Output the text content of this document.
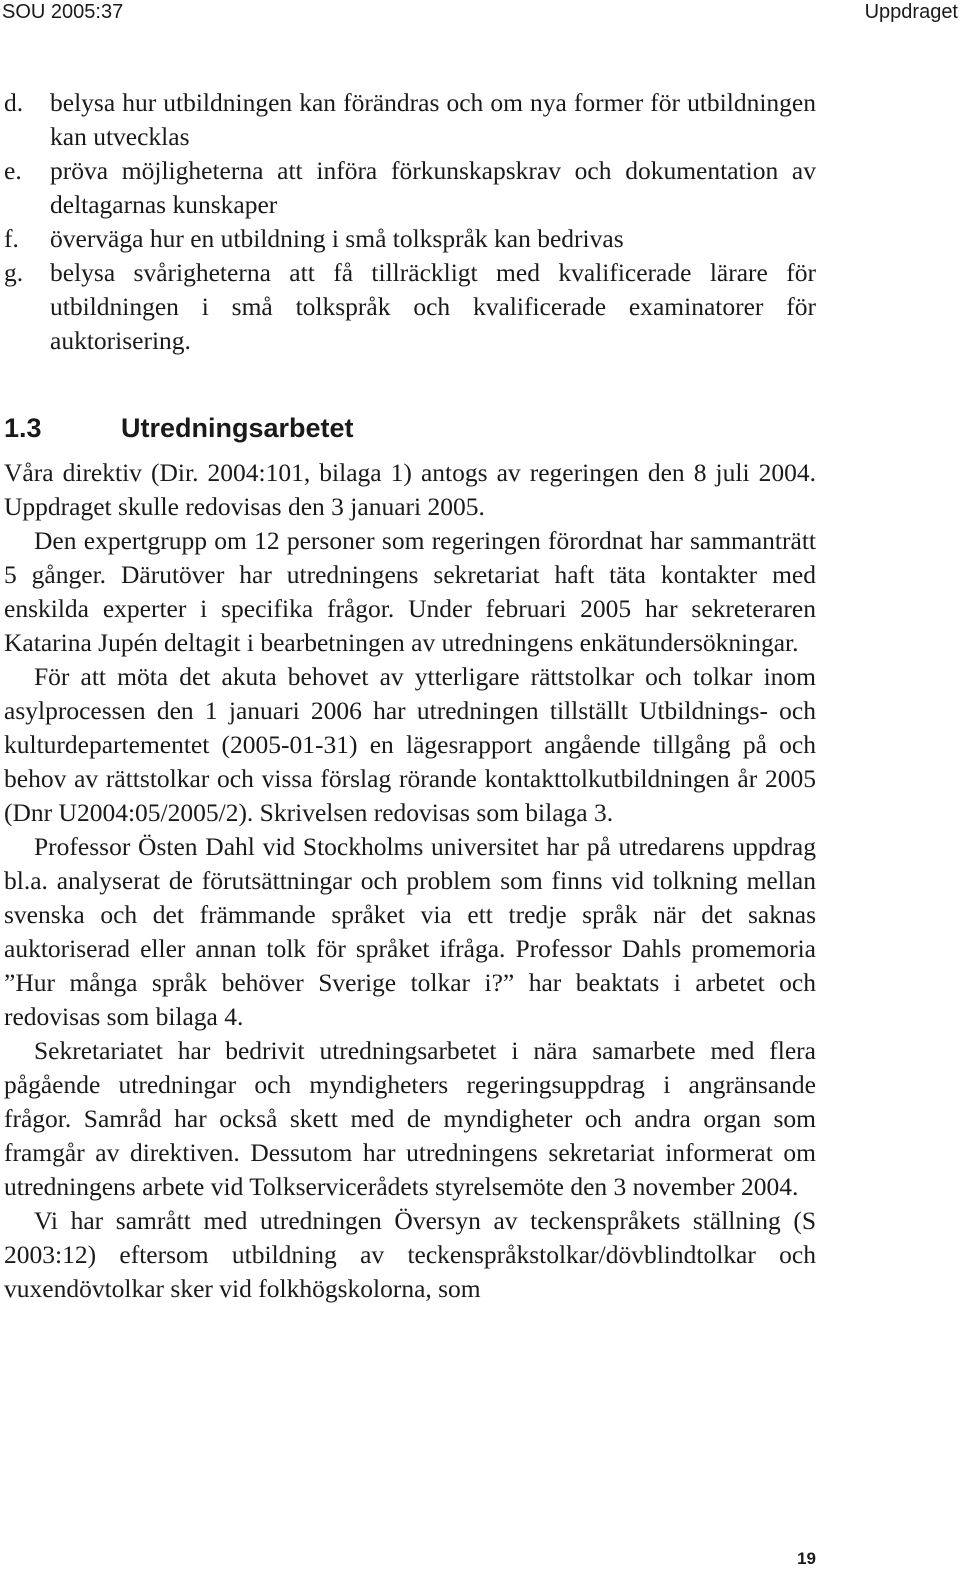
SOU 2005:37	Uppdraget
d. belysa hur utbildningen kan förändras och om nya former för utbildningen kan utvecklas
e. pröva möjligheterna att införa förkunskapskrav och dokumentation av deltagarnas kunskaper
f. överväga hur en utbildning i små tolkspråk kan bedrivas
g. belysa svårigheterna att få tillräckligt med kvalificerade lärare för utbildningen i små tolkspråk och kvalificerade examinatorer för auktorisering.
1.3	Utredningsarbetet

Våra direktiv (Dir. 2004:101, bilaga 1) antogs av regeringen den 8 juli 2004. Uppdraget skulle redovisas den 3 januari 2005.

Den expertgrupp om 12 personer som regeringen förordnat har sammanträtt 5 gånger. Därutöver har utredningens sekretariat haft täta kontakter med enskilda experter i specifika frågor. Under februari 2005 har sekreteraren Katarina Jupén deltagit i bearbetningen av utredningens enkätundersökningar.

För att möta det akuta behovet av ytterligare rättstolkar och tolkar inom asylprocessen den 1 januari 2006 har utredningen tillställt Utbildnings- och kulturdepartementet (2005-01-31) en lägesrapport angående tillgång på och behov av rättstolkar och vissa förslag rörande kontakttolkutbildningen år 2005 (Dnr U2004:05/2005/2). Skrivelsen redovisas som bilaga 3.

Professor Östen Dahl vid Stockholms universitet har på utredarens uppdrag bl.a. analyserat de förutsättningar och problem som finns vid tolkning mellan svenska och det främmande språket via ett tredje språk när det saknas auktoriserad eller annan tolk för språket ifråga. Professor Dahls promemoria ”Hur många språk behöver Sverige tolkar i?” har beaktats i arbetet och redovisas som bilaga 4.

Sekretariatet har bedrivit utredningsarbetet i nära samarbete med flera pågående utredningar och myndigheters regeringsuppdrag i angränsande frågor. Samråd har också skett med de myndigheter och andra organ som framgår av direktiven. Dessutom har utredningens sekretariat informerat om utredningens arbete vid Tolkservicerådets styrelsemöte den 3 november 2004.

Vi har samrått med utredningen Översyn av teckenspråkets ställning (S 2003:12) eftersom utbildning av teckenspråkstolkar/dövblindtolkar och vuxendövtolkar sker vid folkhögskolorna, som

19
